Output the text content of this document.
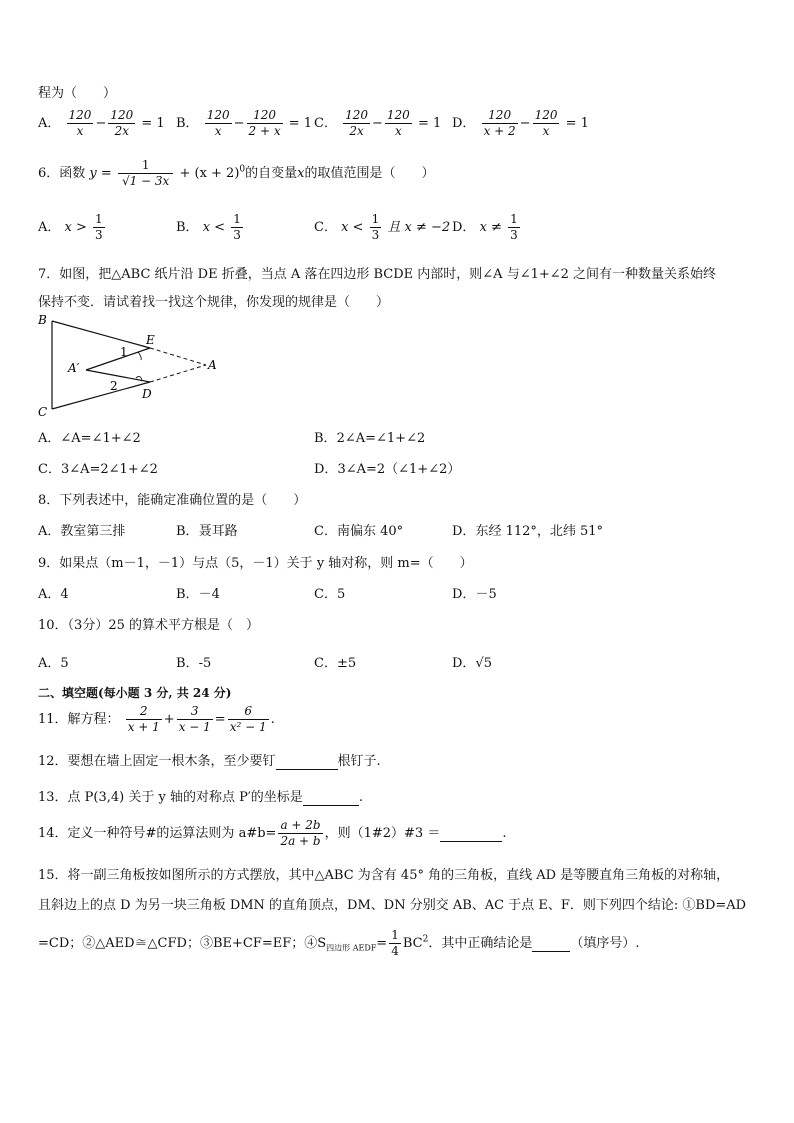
程为（　　）
A． $\frac{120}{x} - \frac{120}{2x} = 1$ B． $\frac{120}{x} - \frac{120}{2 + x} = 1$ C． $\frac{120}{2x} - \frac{120}{x} = 1$ D． $\frac{120}{x + 2} - \frac{120}{x} = 1$
6．函数 $y = \frac{1}{√1 - 3x} + (x + 2)^0$的自变量x的取值范围是（　　）
A． $x > \frac{1}{3}$	B． $x < \frac{1}{3}$	C． $x < \frac{1}{3}$ 且 x ≠ −2 D． $x \ne \frac{1}{3}$
7．如图，把△ABC 纸片沿 DE 折叠，当点 A 落在四边形 BCDE 内部时，则∠A 与∠1+∠2 之间有一种数量关系始终
保持不变．请试着找一找这个规律，你发现的规律是（　　）
B
C
E
D
A
A′
1
2
A．∠A=∠1+∠2	B．2∠A=∠1+∠2
C．3∠A=2∠1+∠2	D．3∠A=2（∠1+∠2）
8．下列表述中，能确定准确位置的是（　　）
A．教室第三排	B．聂耳路	C．南偏东 40°	D．东经 112°，北纬 51°
9．如果点（m－1，－1）与点（5，－1）关于 y 轴对称，则 m=（　　）
A．4	B．－4	C．5	D．－5
10．（3分）25 的算术平方根是（　）
A．5	B．-5	C．±5	D．√5
二、填空题(每小题 3 分, 共 24 分)
11．解方程： $\frac{2}{x + 1} + \frac{3}{x - 1} = \frac{6}{\text{x² − 1}}$ .
12．要想在墙上固定一根木条，至少要钉	根钉子.
13．点 P(3,4) 关于 y 轴的对称点 P′的坐标是	.
14．定义一种符号#的运算法则为 a#b= $\frac{a + 2b}{2a + b}$ ，则（1#2）#3 ＝	.
15．将一副三角板按如图所示的方式摆放，其中△ABC 为含有 45° 角的三角板，直线 AD 是等腰直角三角板的对称轴，
且斜边上的点 D 为另一块三角板 DMN 的直角顶点，DM、DN 分别交 AB、AC 于点 E、F．则下列四个结论: ①BD=AD
=CD；②△AED≅△CFD；③BE+CF=EF；$④S_{四边形 AEDF}= \frac{1}{4} BC^2$．其中正确结论是	（填序号）.
